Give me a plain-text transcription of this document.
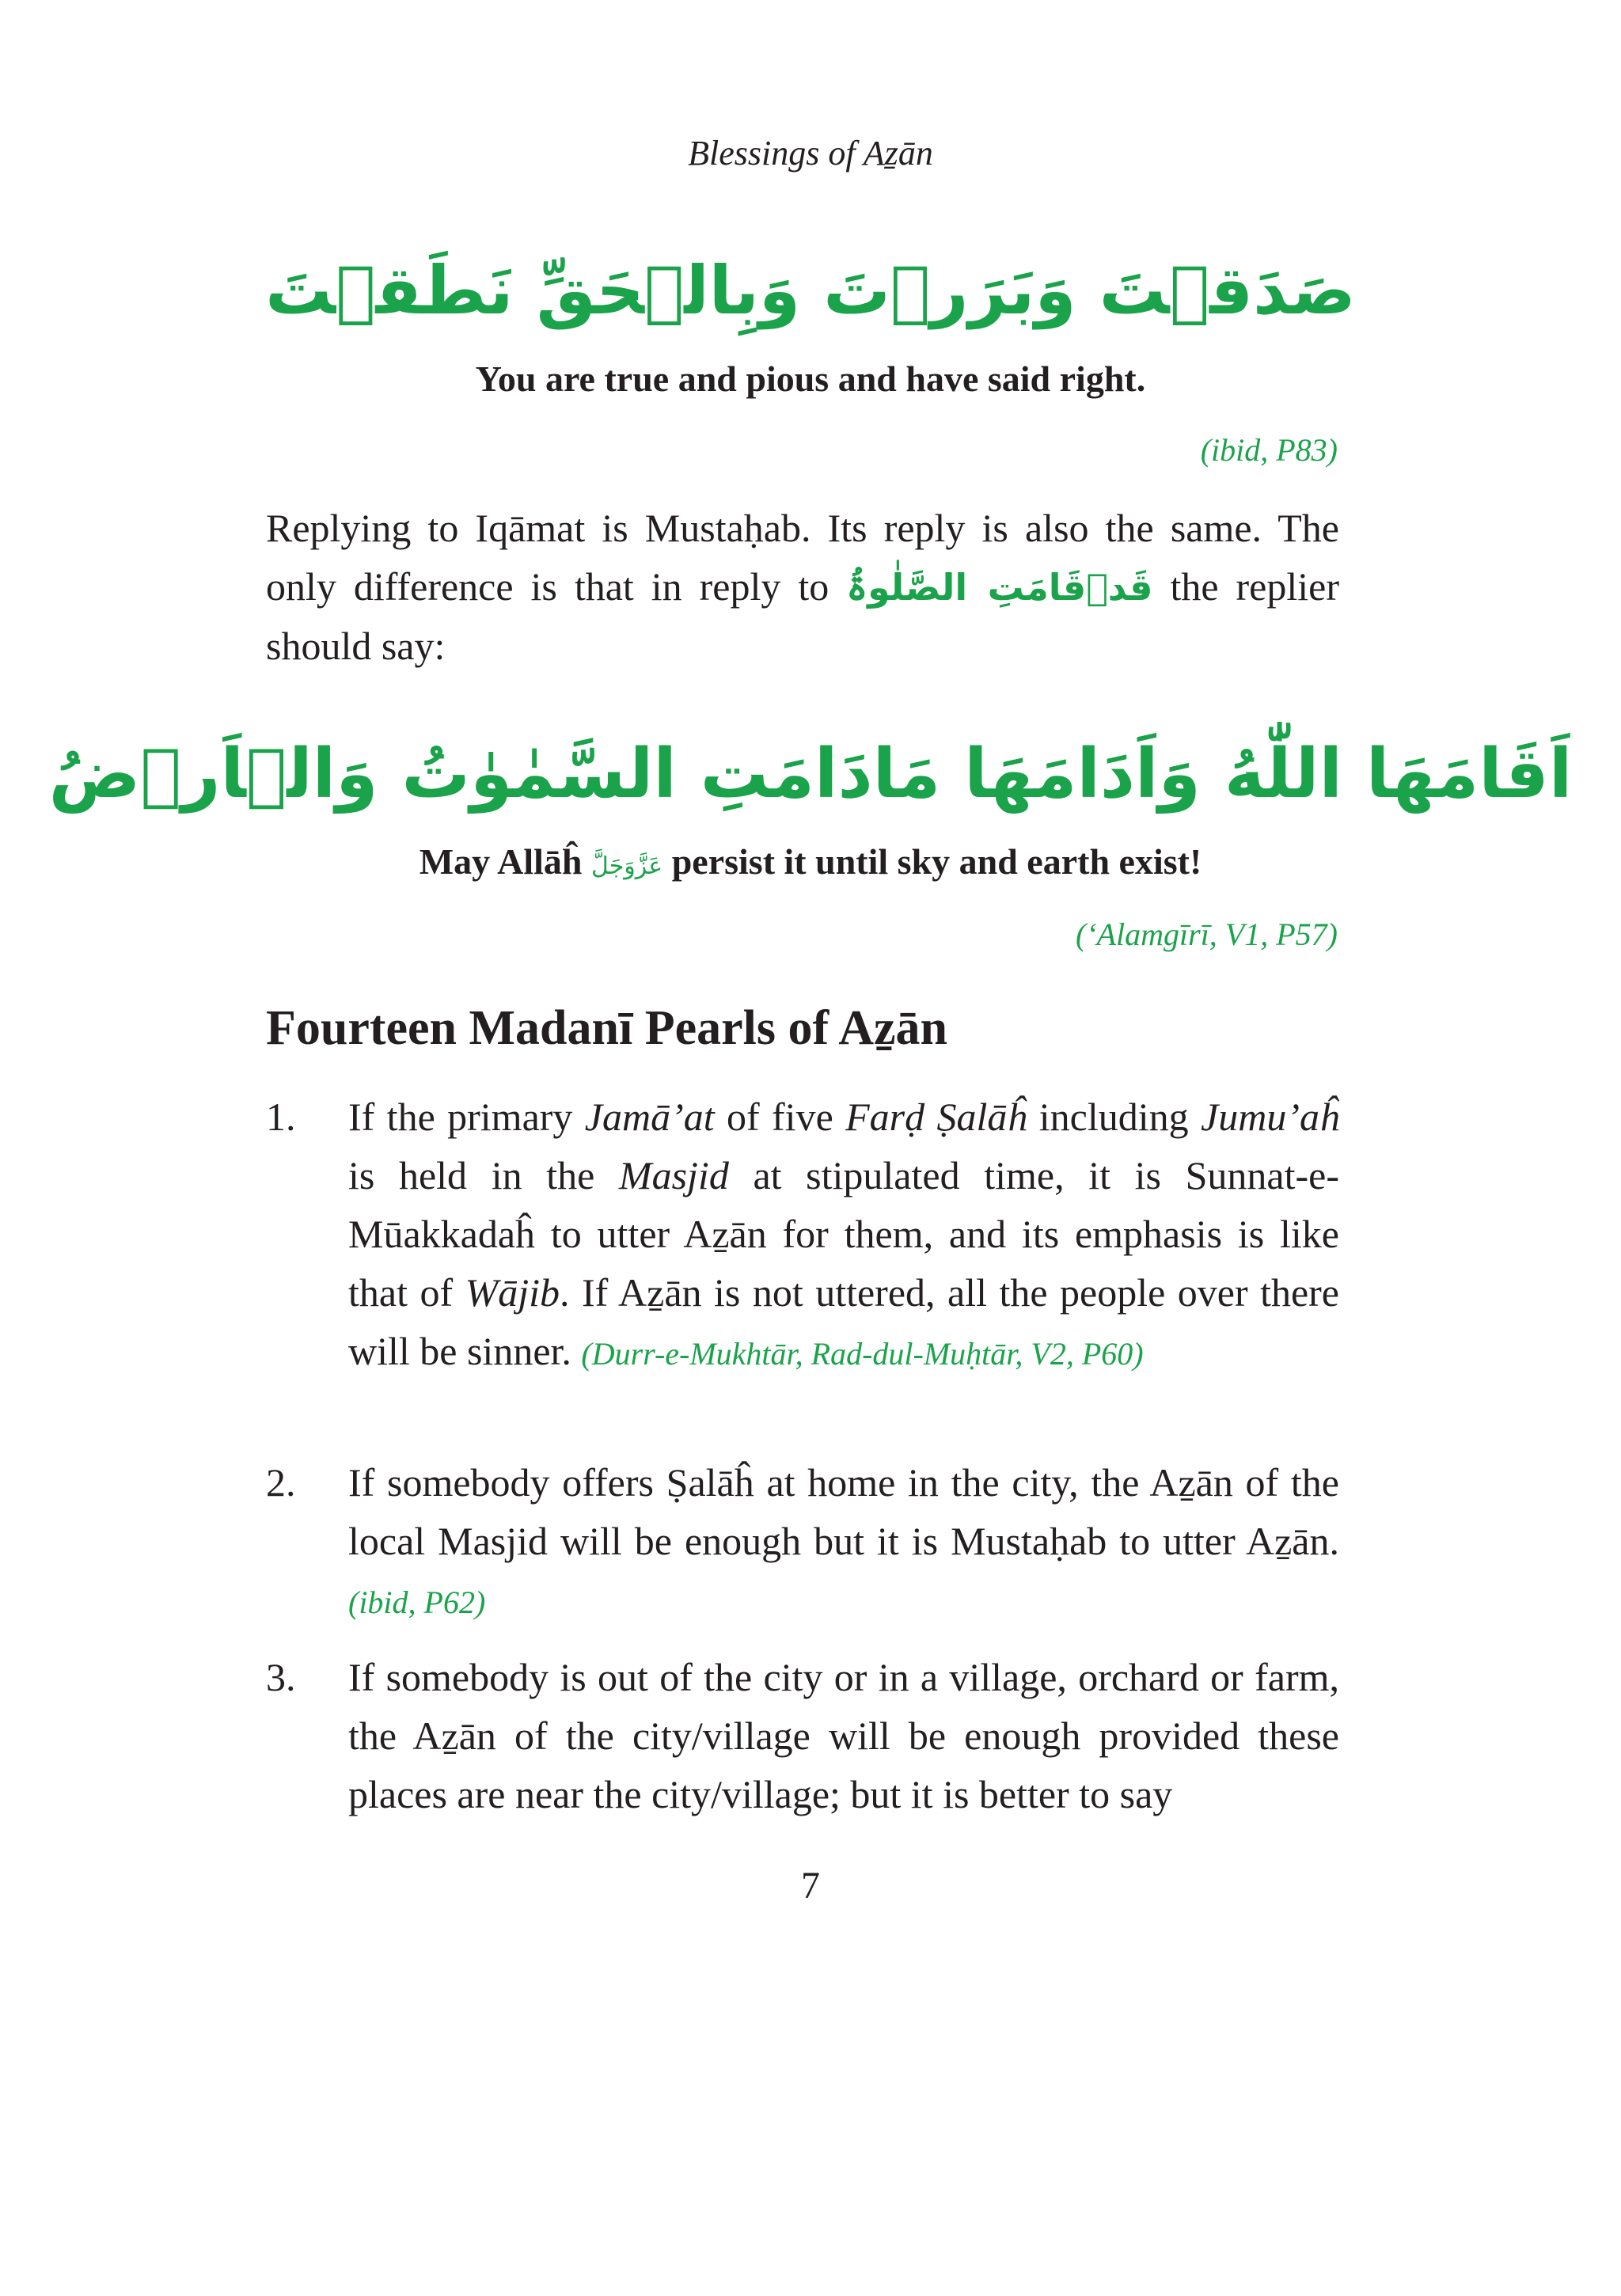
Blessings of Aẕān
صَدَقۡتَ وَبَرَرۡتَ وَبِالۡحَقِّ نَطَقۡتَ
You are true and pious and have said right.
(ibid, P83)
Replying to Iqāmat is Mustaḥab. Its reply is also the same. The only difference is that in reply to قَدۡقَامَتِ الصَّلٰوۃُ the replier should say:
اَقَامَهَا اللّٰهُ وَاَدَامَهَا مَادَامَتِ السَّمٰوٰتُ وَالۡاَرۡضُ
May Allāĥ عَزَّوَجَلَّ persist it until sky and earth exist!
(‘Alamgīrī, V1, P57)
Fourteen Madanī Pearls of Aẕān
1. If the primary Jamā’at of five Farḍ Ṣalāĥ including Jumu’aĥ is held in the Masjid at stipulated time, it is Sunnat-e-Mūakkadaĥ to utter Aẕān for them, and its emphasis is like that of Wājib. If Aẕān is not uttered, all the people over there will be sinner. (Durr-e-Mukhtār, Rad-dul-Muḥtār, V2, P60)
2. If somebody offers Ṣalāĥ at home in the city, the Aẕān of the local Masjid will be enough but it is Mustaḥab to utter Aẕān. (ibid, P62)
3. If somebody is out of the city or in a village, orchard or farm, the Aẕān of the city/village will be enough provided these places are near the city/village; but it is better to say
7
